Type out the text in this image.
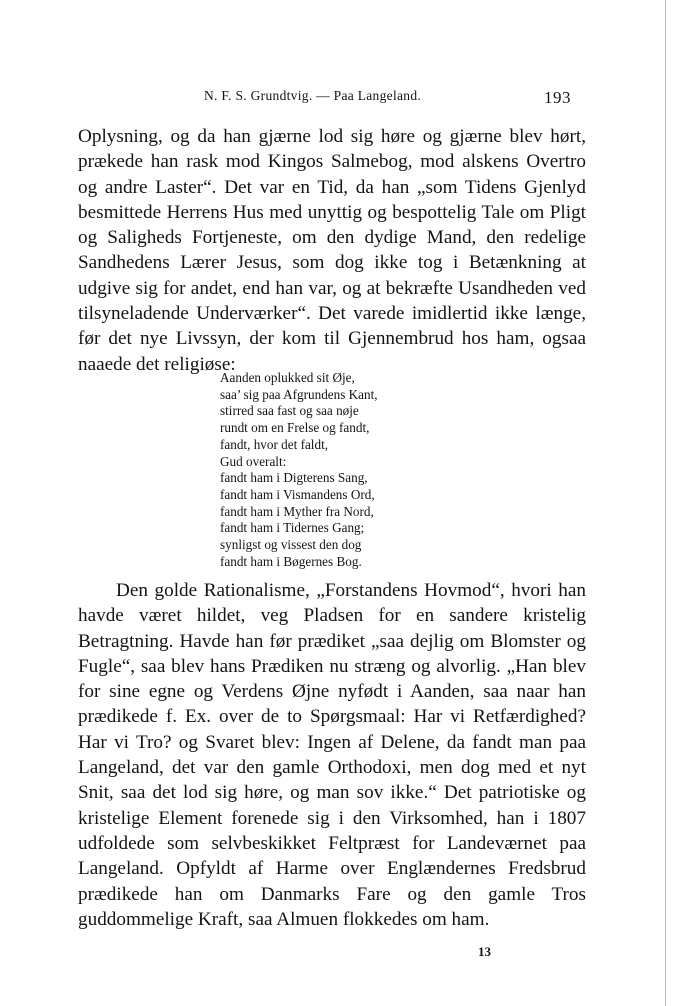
N. F. S. Grundtvig. — Paa Langeland.	193

Oplysning, og da han gjærne lod sig høre og gjærne blev hørt, prækede han rask mod Kingos Salmebog, mod alskens Overtro og andre Laster“. Det var en Tid, da han „som Tidens Gjenlyd besmittede Herrens Hus med unyttig og bespottelig Tale om Pligt og Saligheds Fortjeneste, om den dydige Mand, den redelige Sandhedens Lærer Jesus, som dog ikke tog i Betænkning at udgive sig for andet, end han var, og at bekræfte Usandheden ved tilsyneladende Underværker“. Det varede imidlertid ikke længe, før det nye Livssyn, der kom til Gjennembrud hos ham, ogsaa naaede det religiøse:

Aanden oplukked sit Øje,
saa’ sig paa Afgrundens Kant,
stirred saa fast og saa nøje
rundt om en Frelse og fandt,
fandt, hvor det faldt,
Gud overalt:
fandt ham i Digterens Sang,
fandt ham i Vismandens Ord,
fandt ham i Myther fra Nord,
fandt ham i Tidernes Gang;
synligst og vissest den dog
fandt ham i Bøgernes Bog.

Den golde Rationalisme, „Forstandens Hovmod“, hvori han havde været hildet, veg Pladsen for en sandere kristelig Betragtning. Havde han før prædiket „saa dejlig om Blomster og Fugle“, saa blev hans Prædiken nu stræng og alvorlig. „Han blev for sine egne og Verdens Øjne nyfødt i Aanden, saa naar han prædikede f. Ex. over de to Spørgsmaal: Har vi Retfærdighed? Har vi Tro? og Svaret blev: Ingen af Delene, da fandt man paa Langeland, det var den gamle Orthodoxi, men dog med et nyt Snit, saa det lod sig høre, og man sov ikke.“ Det patriotiske og kristelige Element forenede sig i den Virksomhed, han i 1807 udfoldede som selvbeskikket Feltpræst for Landeværnet paa Langeland. Opfyldt af Harme over Englændernes Fredsbrud prædikede han om Danmarks Fare og den gamle Tros guddommelige Kraft, saa Almuen flokkedes om ham.

13
